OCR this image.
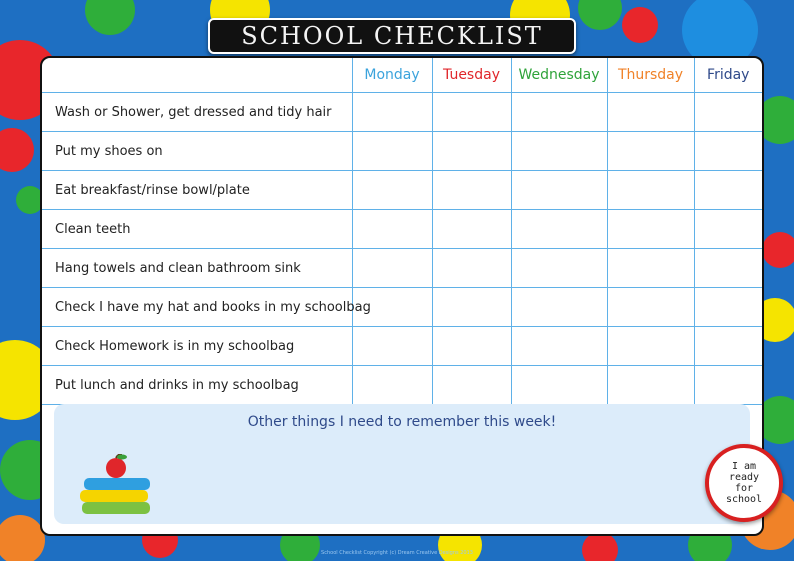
SCHOOL CHECKLIST
	Monday	Tuesday	Wednesday	Thursday	Friday
Wash or Shower, get dressed and tidy hair					
Put my shoes on					
Eat breakfast/rinse bowl/plate					
Clean teeth					
Hang towels and clean bathroom sink					
Check I have my hat and books in my schoolbag					
Check Homework is in my schoolbag					
Put lunch and drinks in my schoolbag					
Other things I need to remember this week!
I am ready for school
School Checklist Copyright (c) Dream Creative Designs 2013
